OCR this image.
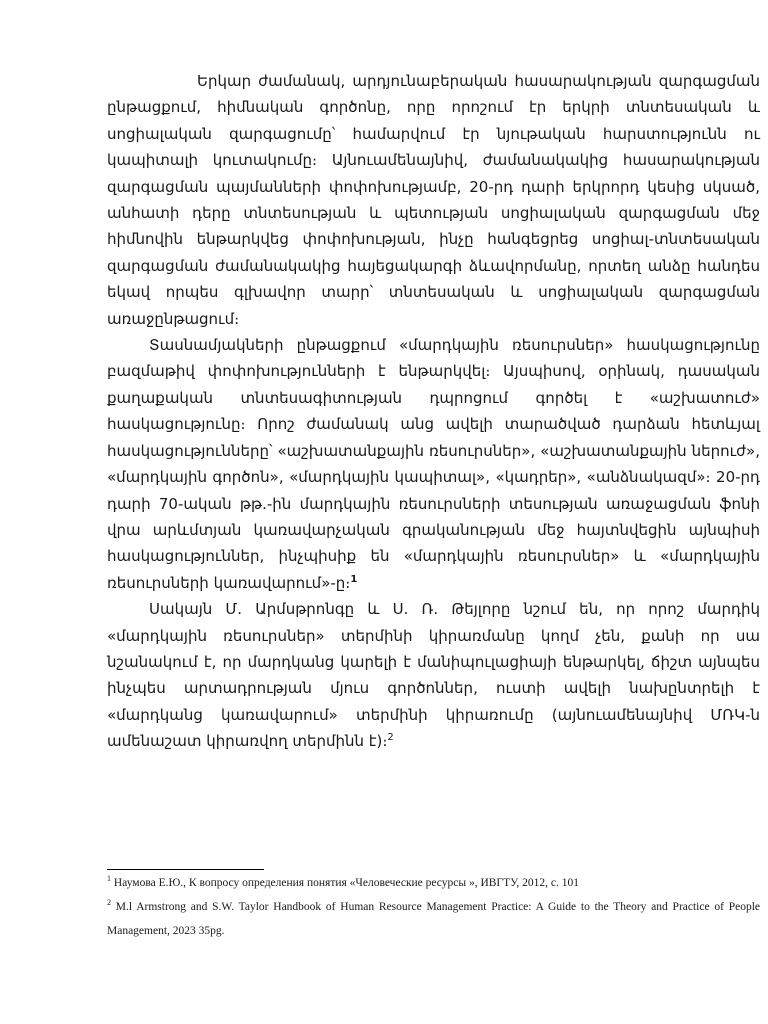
Երկար ժամանակ, արդյունաբերական հասարակության զարգացման ընթացքում, հիմնական գործոնը, որը որոշում էր երկրի տնտեսական և սոցիալական զարգացումը՝ համարվում էր նյութական հարստությունն ու կապիտալի կուտակումը։ Այնուամենայնիվ, ժամանակակից հասարակության զարգացման պայմանների փոփոխությամբ, 20-րդ դարի երկրորդ կեսից սկսած, անհատի դերը տնտեսության և պետության սոցիալական զարգացման մեջ հիմնովին ենթարկվեց փոփոխության, ինչը հանգեցրեց սոցիալ-տնտեսական զարգացման ժամանակակից հայեցակարգի ձևավորմանը, որտեղ անձը հանդես եկավ որպես գլխավոր տարր՝ տնտեսական և սոցիալական զարգացման առաջընթացում։

Տասնամյակների ընթացքում «մարդկային ռեսուրսներ» հասկացությունը բազմաթիվ փոփոխությունների է ենթարկվել։ Այսպիսով, օրինակ, դասական քաղաքական տնտեսագիտության դպրոցում գործել է «աշխատուժ» հասկացությունը։ Որոշ ժամանակ անց ավելի տարածված դարձան հետևյալ հասկացությունները՝ «աշխատանքային ռեսուրսներ», «աշխատանքային ներուժ», «մարդկային գործոն», «մարդկային կապիտալ», «կադրեր», «անձնակազմ»։ 20-րդ դարի 70-ական թթ.-ին մարդկային ռեսուրսների տեսության առաջացման ֆոնի վրա արևմտյան կառավարչական գրականության մեջ հայտնվեցին այնպիսի հասկացություններ, ինչպիսիք են «մարդկային ռեսուրսներ» և «մարդկային ռեսուրսների կառավարում»-ը։$^1$

Սակայն Մ. Արմսթրոնգը և Ս. Ռ. Թեյլորը նշում են, որ որոշ մարդիկ «մարդկային ռեսուրսներ» տերմինի կիրառմանը կողմ չեն, քանի որ սա նշանակում է, որ մարդկանց կարելի է մանիպուլացիայի ենթարկել, ճիշտ այնպես ինչպես արտադրության մյուս գործոններ, ուստի ավելի նախընտրելի է «մարդկանց կառավարում» տերմինի կիրառումը (այնուամենայնիվ ՄՌԿ-ն ամենաշատ կիրառվող տերմինն է)։$^2$

$^1$ Наумова Е.Ю., К вопросу определения понятия «Человеческие ресурсы », ИВГТУ, 2012, с. 101

$^2$ M.l Armstrong and S.W. Taylor Handbook of Human Resource Management Practice: A Guide to the Theory and Practice of People Management, 2023 35pg.
